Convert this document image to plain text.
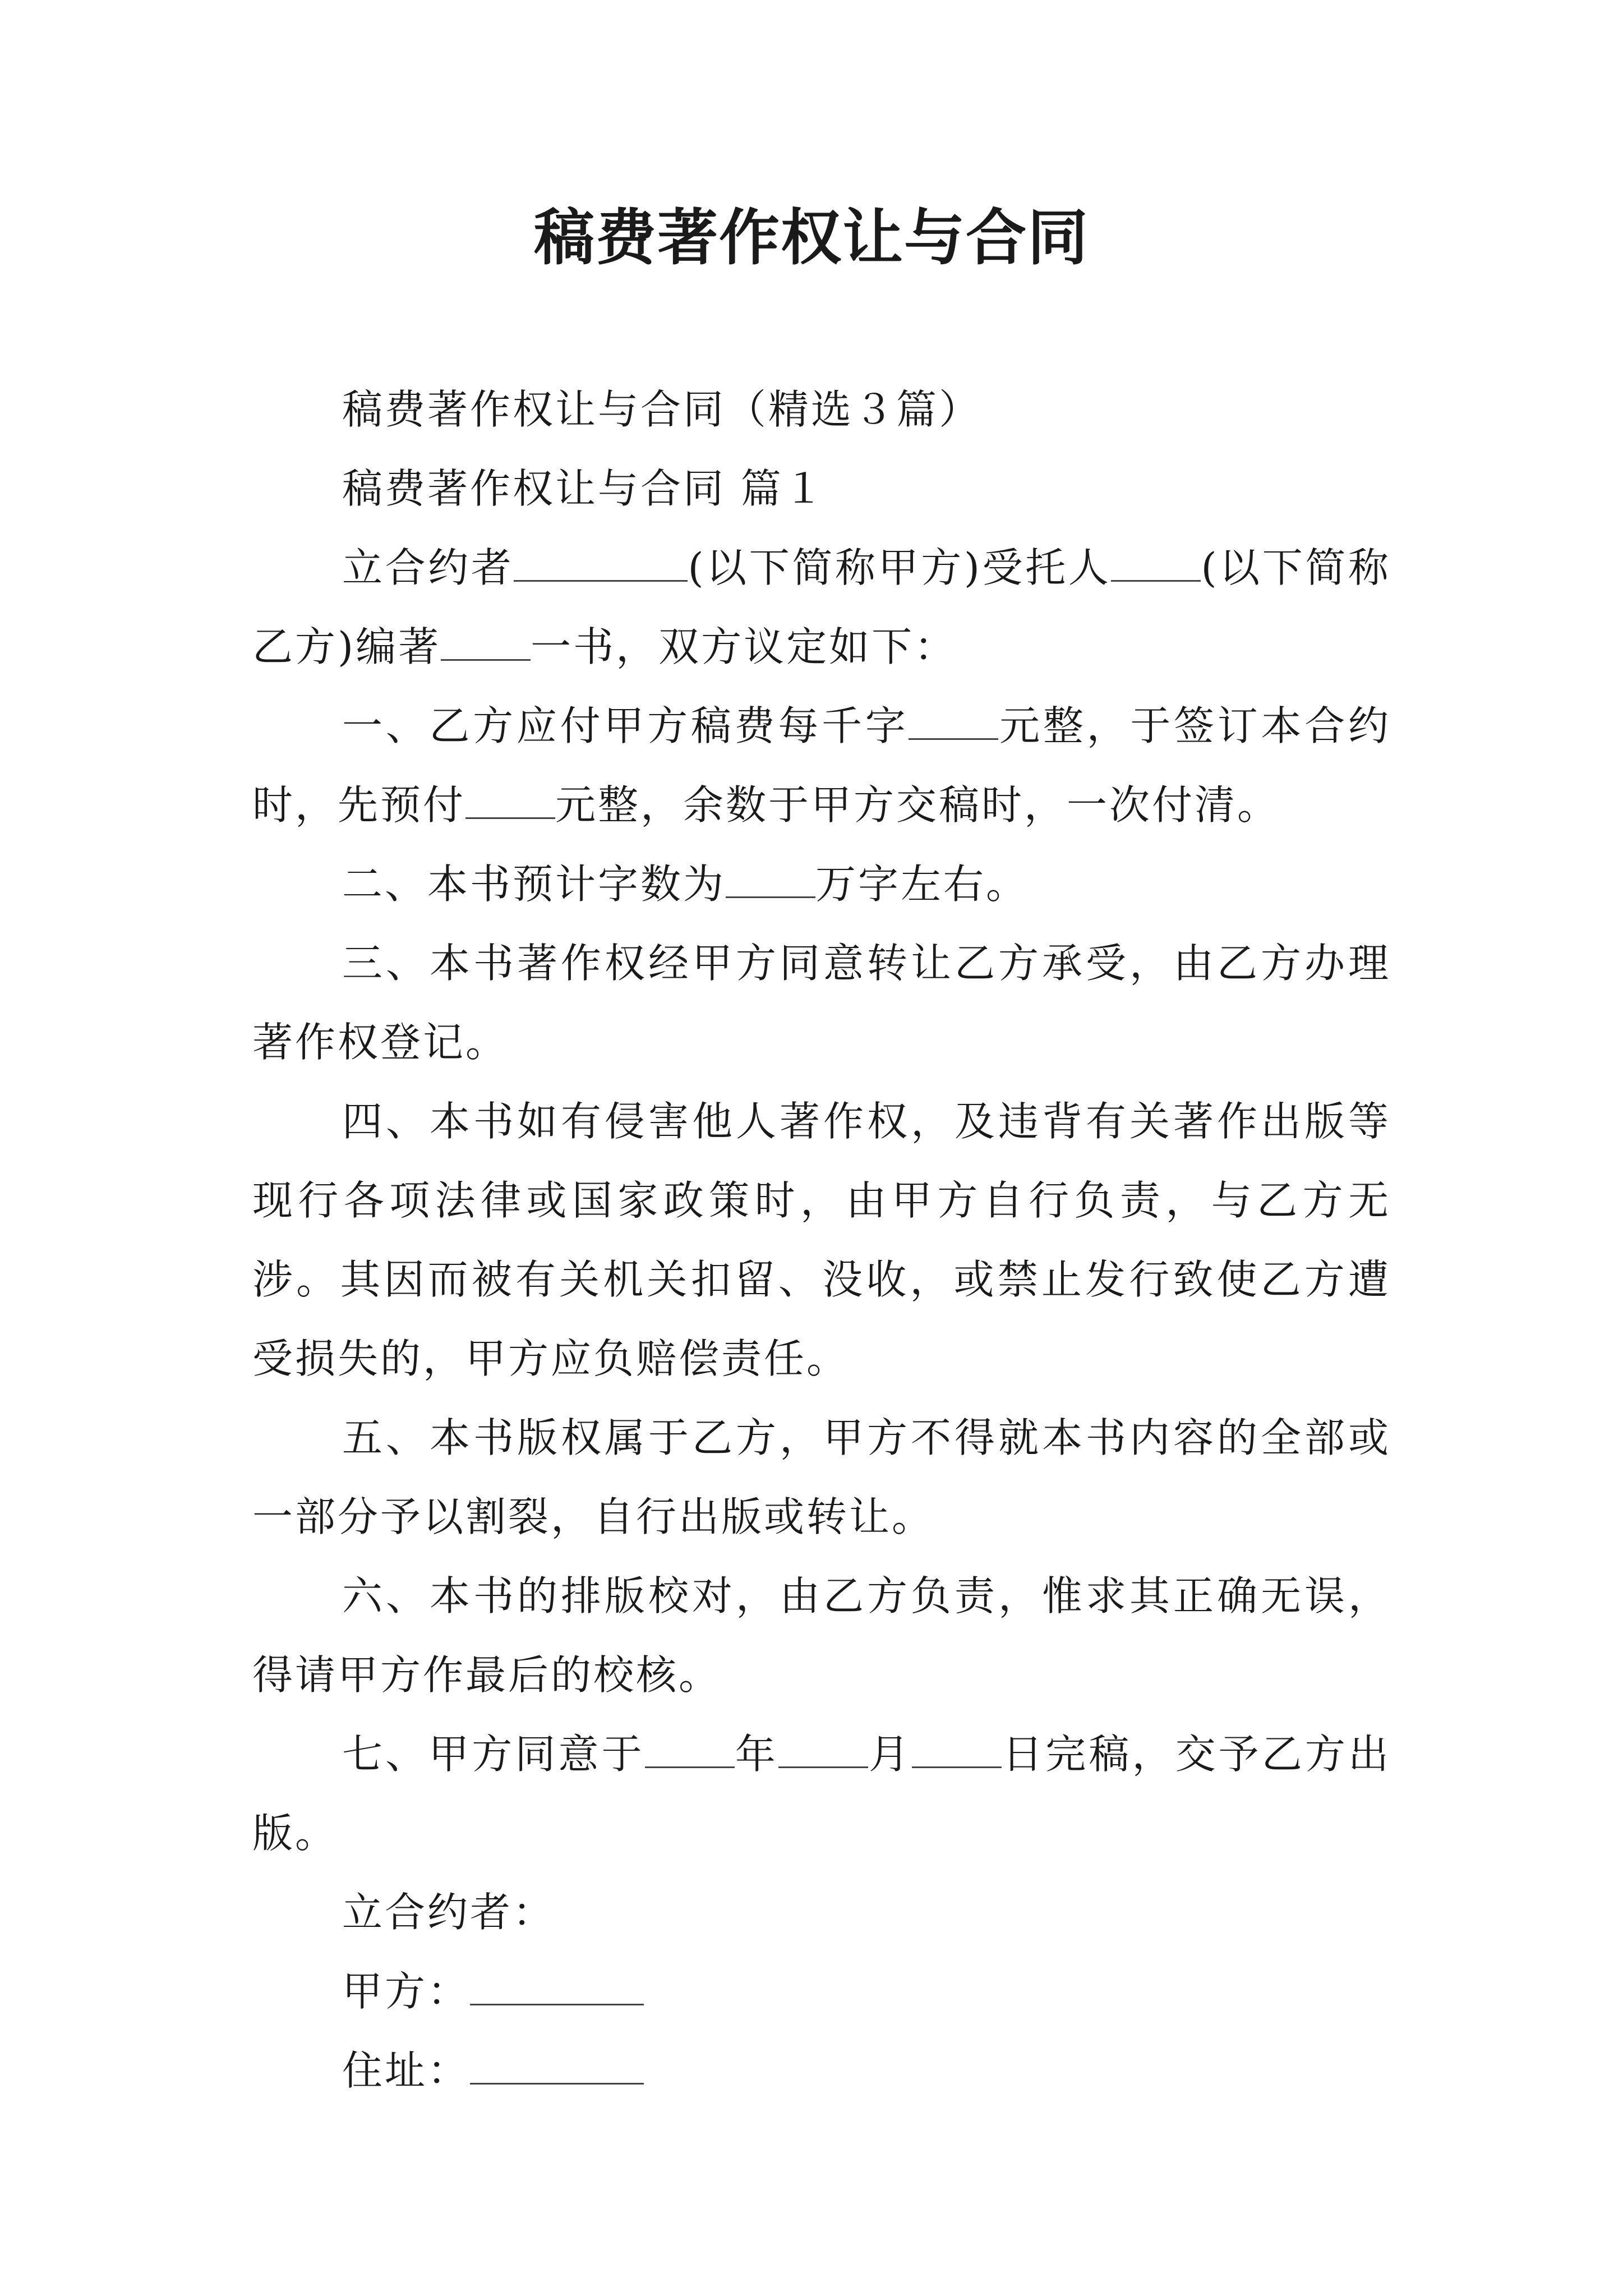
稿费著作权让与合同

稿费著作权让与合同（精选３篇）

稿费著作权让与合同 篇１

立合约者	(以下简称甲方)受托人 (以下简称乙方)编著 一书，双方议定如下：

一、乙方应付甲方稿费每千字 元整，于签订本合约时，先预付 元整，余数于甲方交稿时，一次付清。

二、本书预计字数为 万字左右。

三、本书著作权经甲方同意转让乙方承受，由乙方办理著作权登记。

四、本书如有侵害他人著作权，及违背有关著作出版等现行各项法律或国家政策时，由甲方自行负责，与乙方无涉。其因而被有关机关扣留、没收，或禁止发行致使乙方遭受损失的，甲方应负赔偿责任。

五、本书版权属于乙方，甲方不得就本书内容的全部或一部分予以割裂，自行出版或转让。

六、本书的排版校对，由乙方负责，惟求其正确无误，得请甲方作最后的校核。

七、甲方同意于 年 月 日完稿，交予乙方出版。

立合约者：

甲方：

住址：
